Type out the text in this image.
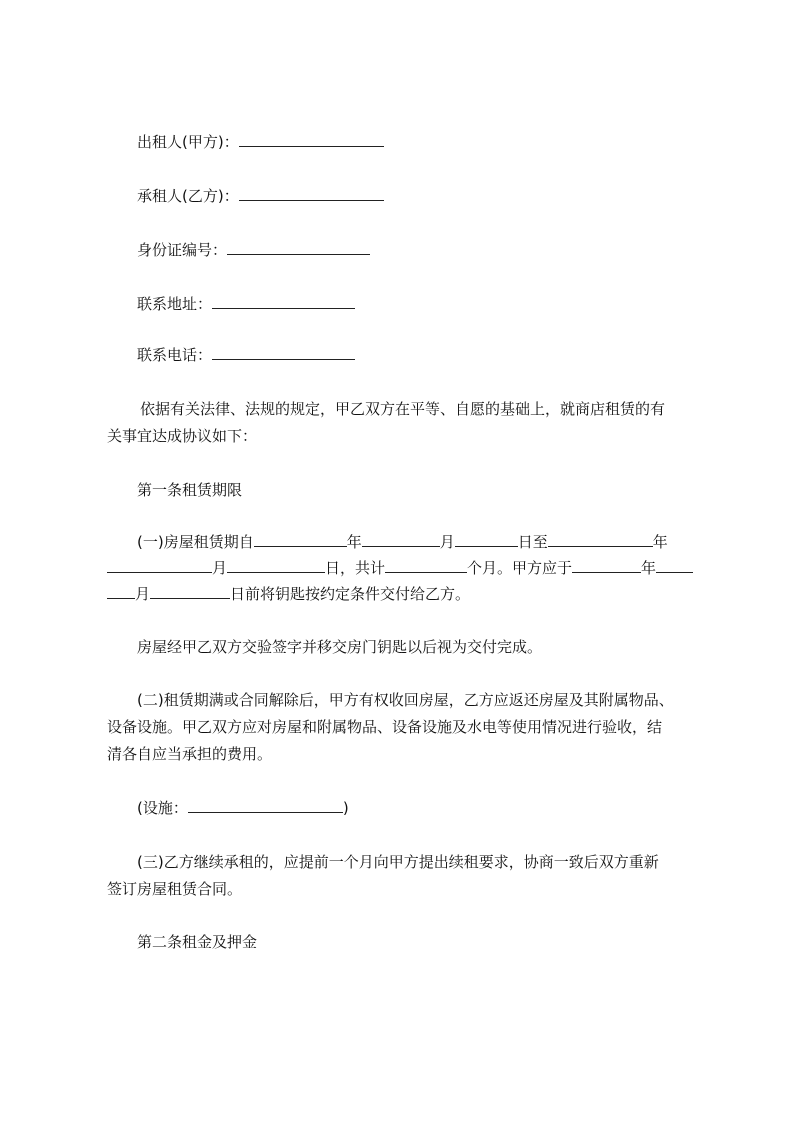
出租人(甲方)：
承租人(乙方)：
身份证编号：
联系地址：
联系电话：
依据有关法律、法规的规定，甲乙双方在平等、自愿的基础上，就商店租赁的有
关事宜达成协议如下：
第一条租赁期限
(一)房屋租赁期自	年	月	日至	年
月	日，共计	个月。甲方应于	年
月	日前将钥匙按约定条件交付给乙方。
房屋经甲乙双方交验签字并移交房门钥匙以后视为交付完成。
(二)租赁期满或合同解除后，甲方有权收回房屋，乙方应返还房屋及其附属物品、
设备设施。甲乙双方应对房屋和附属物品、设备设施及水电等使用情况进行验收，结
清各自应当承担的费用。
(设施：	)
(三)乙方继续承租的，应提前一个月向甲方提出续租要求，协商一致后双方重新
签订房屋租赁合同。
第二条租金及押金
